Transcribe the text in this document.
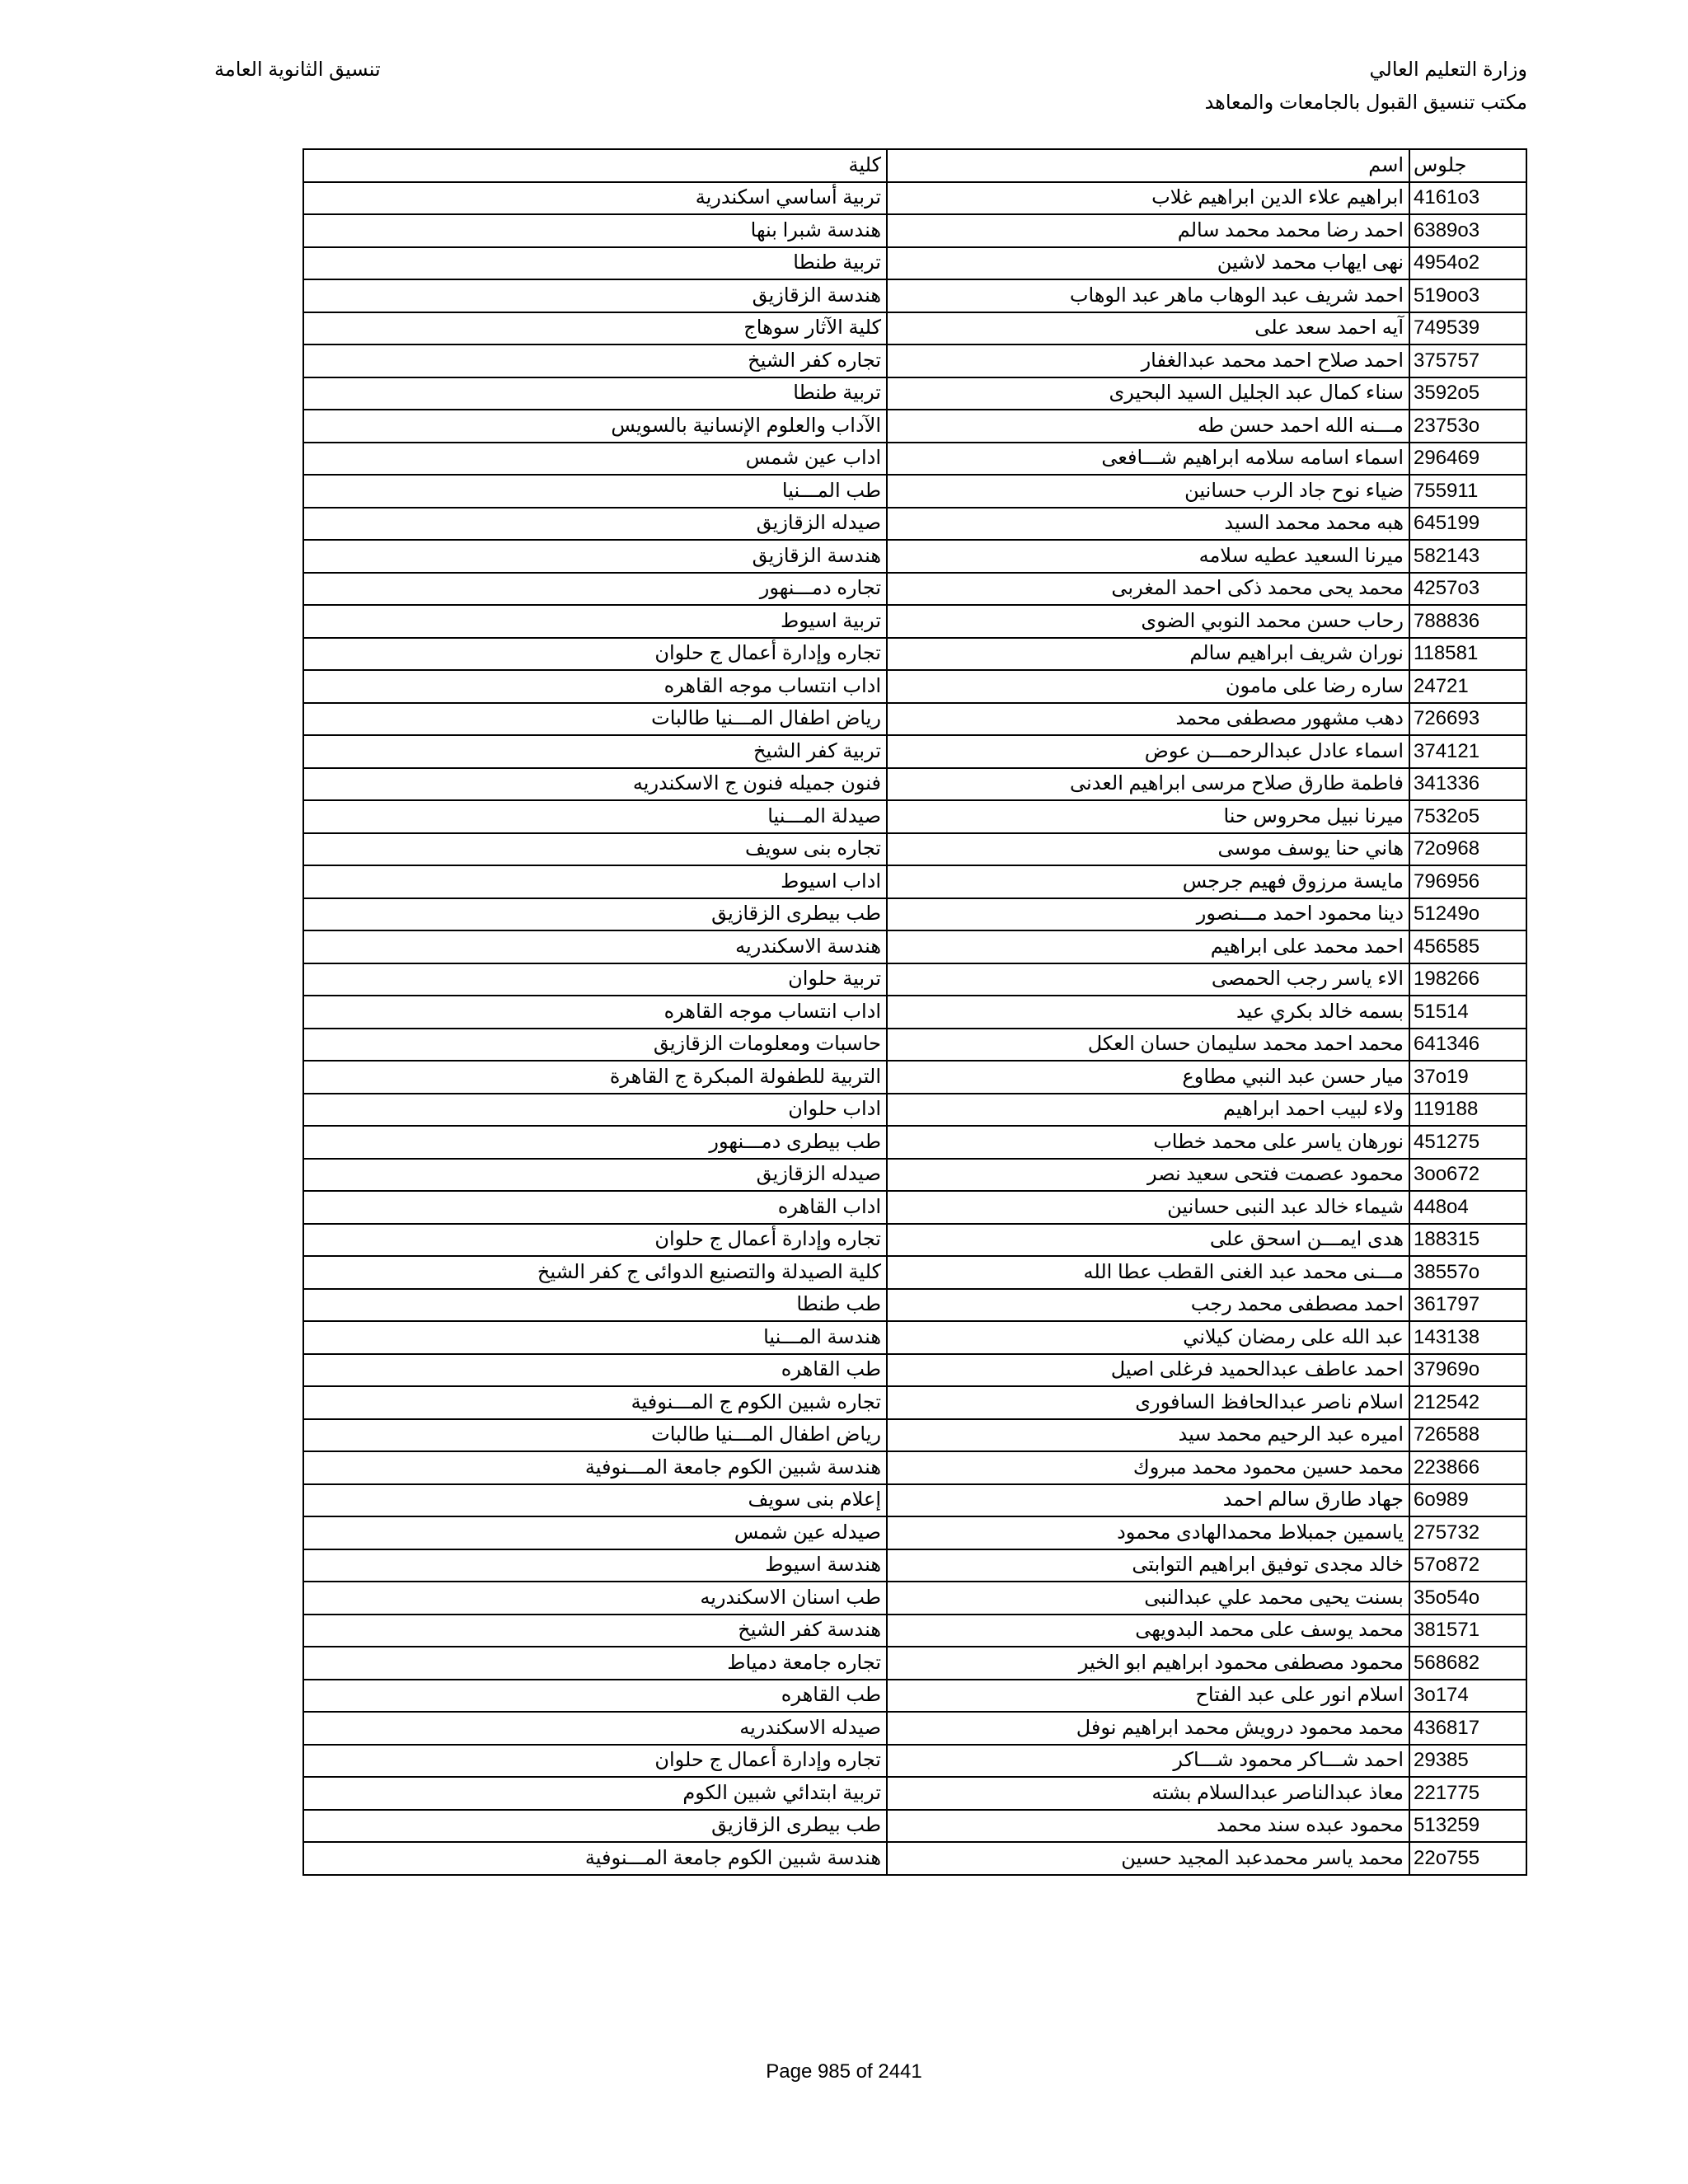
وزارة التعليم العالي
مكتب تنسيق القبول بالجامعات والمعاهد
تنسيق الثانوية العامة
كلية	اسم	جلوس
تربية أساسي اسكندرية	ابراهيم علاء الدين ابراهيم غلاب	4161o3
هندسة شبرا بنها	احمد رضا محمد محمد سالم	6389o3
تربية طنطا	نهى ايهاب محمد لاشين	4954o2
هندسة الزقازيق	احمد شريف عبد الوهاب ماهر عبد الوهاب	519oo3
كلية الآثار سوهاج	آيه احمد سعد على	749539
تجاره كفر الشيخ	احمد صلاح احمد محمد عبدالغفار	375757
تربية طنطا	سناء كمال عبد الجليل السيد البحيرى	3592o5
الآداب والعلوم الإنسانية بالسويس	مـــنه الله احمد حسن طه	23753o
اداب عين شمس	اسماء اسامه سلامه ابراهيم شـــافعى	296469
طب المـــنيا	ضياء نوح جاد الرب حسانين	755911
صيدله الزقازيق	هبه محمد محمد السيد	645199
هندسة الزقازيق	ميرنا السعيد عطيه سلامه	582143
تجاره دمـــنهور	محمد يحى محمد ذكى احمد المغربى	4257o3
تربية اسيوط	رحاب حسن محمد النوبي الضوى	788836
تجاره وإدارة أعمال ج حلوان	نوران شريف ابراهيم سالم	118581
اداب انتساب موجه القاهره	ساره رضا على مامون	24721
رياض اطفال المـــنيا طالبات	دهب مشهور مصطفى محمد	726693
تربية كفر الشيخ	اسماء عادل عبدالرحمـــن عوض	374121
فنون جميله فنون ج الاسكندريه	فاطمة طارق صلاح مرسى ابراهيم العدنى	341336
صيدلة المـــنيا	ميرنا نبيل محروس حنا	7532o5
تجاره بنى سويف	هاني حنا يوسف موسى	72o968
اداب اسيوط	مايسة مرزوق فهيم جرجس	796956
طب بيطرى الزقازيق	دينا محمود احمد مـــنصور	51249o
هندسة الاسكندريه	احمد محمد على ابراهيم	456585
تربية حلوان	الاء ياسر رجب الحمصى	198266
اداب انتساب موجه القاهره	بسمه خالد بكري عيد	51514
حاسبات ومعلومات الزقازيق	محمد احمد محمد سليمان حسان العكل	641346
التربية للطفولة المبكرة ج القاهرة	ميار حسن عبد النبي مطاوع	37o19
اداب حلوان	ولاء لبيب احمد ابراهيم	119188
طب بيطرى دمـــنهور	نورهان ياسر على محمد خطاب	451275
صيدله الزقازيق	محمود عصمت فتحى سعيد نصر	3oo672
اداب القاهره	شيماء خالد عبد النبى حسانين	448o4
تجاره وإدارة أعمال ج حلوان	هدى ايمـــن اسحق على	188315
كلية الصيدلة والتصنيع الدوائى ج كفر الشيخ	مـــنى محمد عبد الغنى القطب عطا الله	38557o
طب طنطا	احمد مصطفى محمد رجب	361797
هندسة المـــنيا	عبد الله على رمضان كيلاني	143138
طب القاهره	احمد عاطف عبدالحميد فرغلى اصيل	37969o
تجاره شبين الكوم ج المـــنوفية	اسلام ناصر عبدالحافظ السافورى	212542
رياض اطفال المـــنيا طالبات	اميره عبد الرحيم محمد سيد	726588
هندسة شبين الكوم جامعة المـــنوفية	محمد حسين محمود محمد مبروك	223866
إعلام بنى سويف	جهاد طارق سالم احمد	6o989
صيدله عين شمس	ياسمين جمبلاط محمدالهادى محمود	275732
هندسة اسيوط	خالد مجدى توفيق ابراهيم التوابتى	57o872
طب اسنان الاسكندريه	بسنت يحيى محمد علي عبدالنبى	35o54o
هندسة كفر الشيخ	محمد يوسف على محمد البدويهى	381571
تجاره جامعة دمياط	محمود مصطفى محمود ابراهيم ابو الخير	568682
طب القاهره	اسلام انور على عبد الفتاح	3o174
صيدله الاسكندريه	محمد محمود درويش محمد ابراهيم نوفل	436817
تجاره وإدارة أعمال ج حلوان	احمد شـــاكر محمود شـــاكر	29385
تربية ابتدائي شبين الكوم	معاذ عبدالناصر عبدالسلام بشته	221775
طب بيطرى الزقازيق	محمود عبده سند محمد	513259
هندسة شبين الكوم جامعة المـــنوفية	محمد ياسر محمدعبد المجيد حسين	22o755
Page 985 of 2441
